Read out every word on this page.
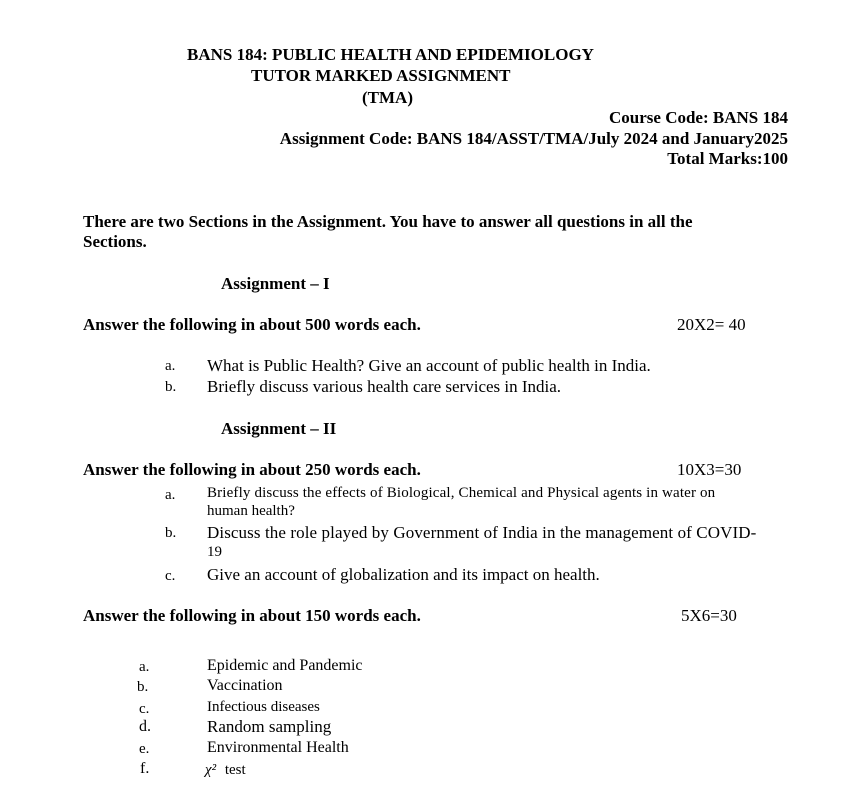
BANS 184: PUBLIC HEALTH AND EPIDEMIOLOGY
TUTOR MARKED ASSIGNMENT
(TMA)
Course Code: BANS 184
Assignment Code: BANS 184/ASST/TMA/July 2024 and January2025
Total Marks:100
There are two Sections in the Assignment. You have to answer all questions in all the Sections.
Assignment – I
Answer the following in about 500 words each.	20X2= 40
a.	What is Public Health? Give an account of public health in India.
b.	Briefly discuss various health care services in India.
Assignment – II
Answer the following in about 250 words each.	10X3=30
a.	Briefly discuss the effects of Biological, Chemical and Physical agents in water on
human health?
b.	Discuss the role played by Government of India in the management of COVID-
19
c.	Give an account of globalization and its impact on health.
Answer the following in about 150 words each.	5X6=30
a.	Epidemic and Pandemic
b.	Vaccination
c.	Infectious diseases
d.	Random sampling
e.	Environmental Health
f.	χ² test
